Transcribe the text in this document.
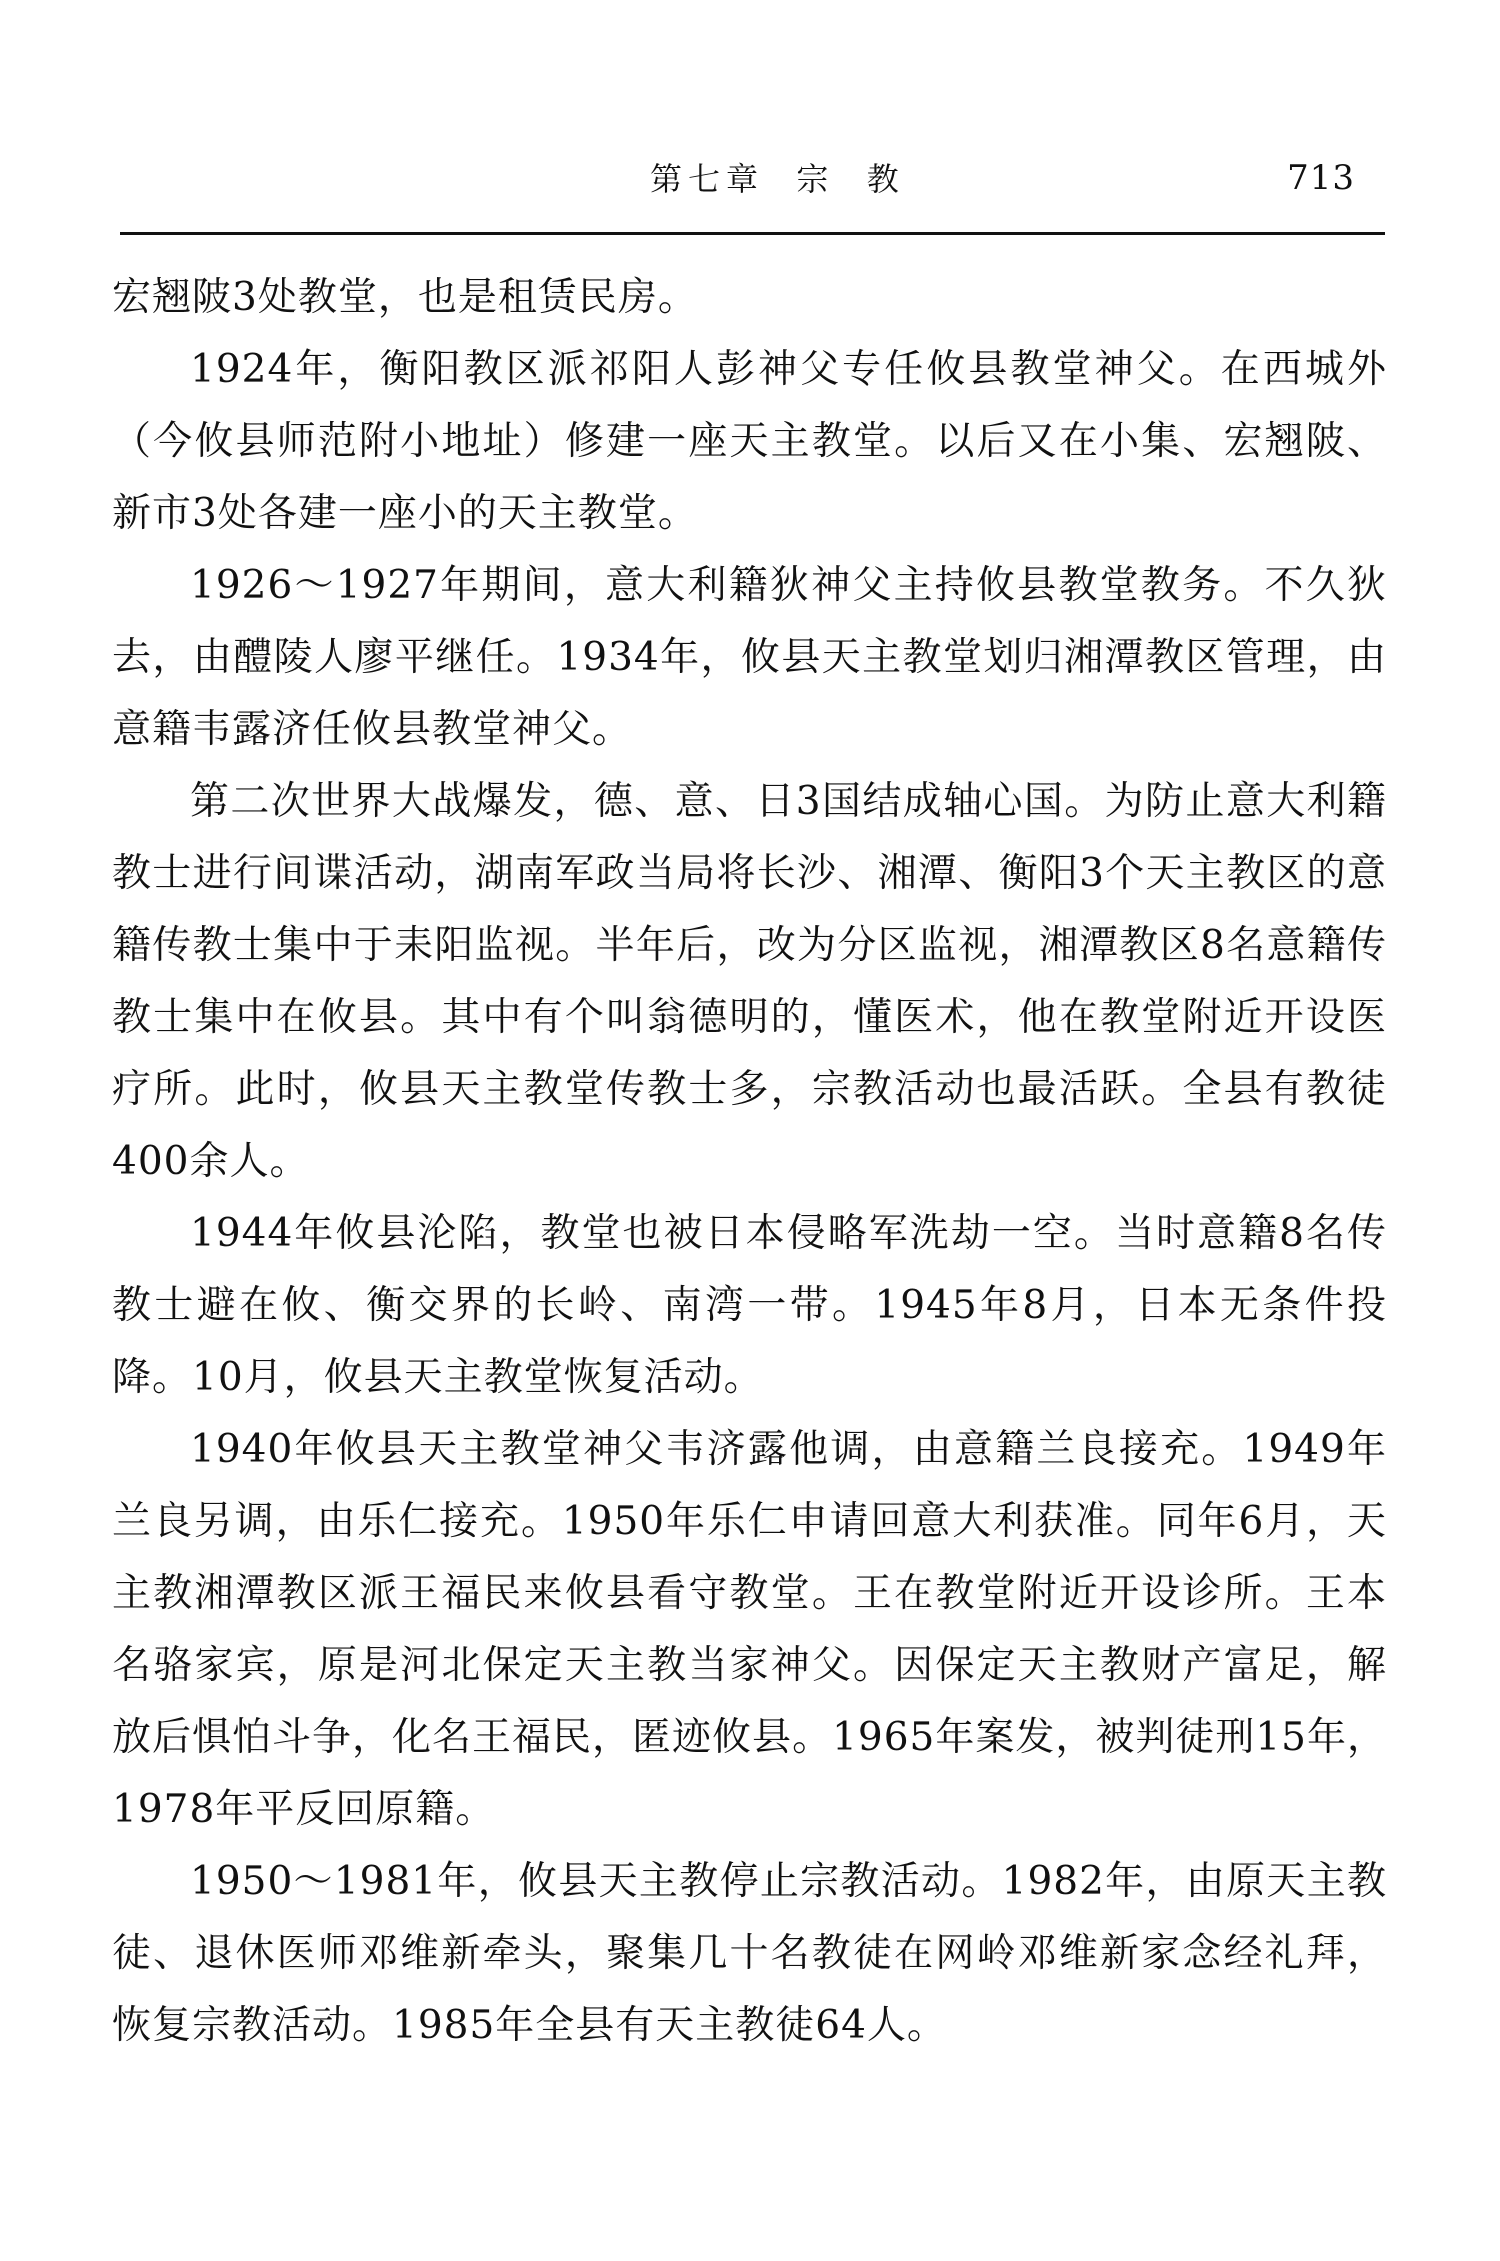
第七章  宗  教	713

宏翘陂3处教堂，也是租赁民房。

1924年，衡阳教区派祁阳人彭神父专任攸县教堂神父。在西城外（今攸县师范附小地址）修建一座天主教堂。以后又在小集、宏翘陂、新市3处各建一座小的天主教堂。

1926～1927年期间，意大利籍狄神父主持攸县教堂教务。不久狄去，由醴陵人廖平继任。1934年，攸县天主教堂划归湘潭教区管理，由意籍韦露济任攸县教堂神父。

第二次世界大战爆发，德、意、日3国结成轴心国。为防止意大利籍教士进行间谍活动，湖南军政当局将长沙、湘潭、衡阳3个天主教区的意籍传教士集中于耒阳监视。半年后，改为分区监视，湘潭教区8名意籍传教士集中在攸县。其中有个叫翁德明的，懂医术，他在教堂附近开设医疗所。此时，攸县天主教堂传教士多，宗教活动也最活跃。全县有教徒400余人。

1944年攸县沦陷，教堂也被日本侵略军洗劫一空。当时意籍8名传教士避在攸、衡交界的长岭、南湾一带。1945年8月，日本无条件投降。10月，攸县天主教堂恢复活动。

1940年攸县天主教堂神父韦济露他调，由意籍兰良接充。1949年兰良另调，由乐仁接充。1950年乐仁申请回意大利获准。同年6月，天主教湘潭教区派王福民来攸县看守教堂。王在教堂附近开设诊所。王本名骆家宾，原是河北保定天主教当家神父。因保定天主教财产富足，解放后惧怕斗争，化名王福民，匿迹攸县。1965年案发，被判徒刑15年，1978年平反回原籍。

1950～1981年，攸县天主教停止宗教活动。1982年，由原天主教徒、退休医师邓维新牵头，聚集几十名教徒在网岭邓维新家念经礼拜，恢复宗教活动。1985年全县有天主教徒64人。
